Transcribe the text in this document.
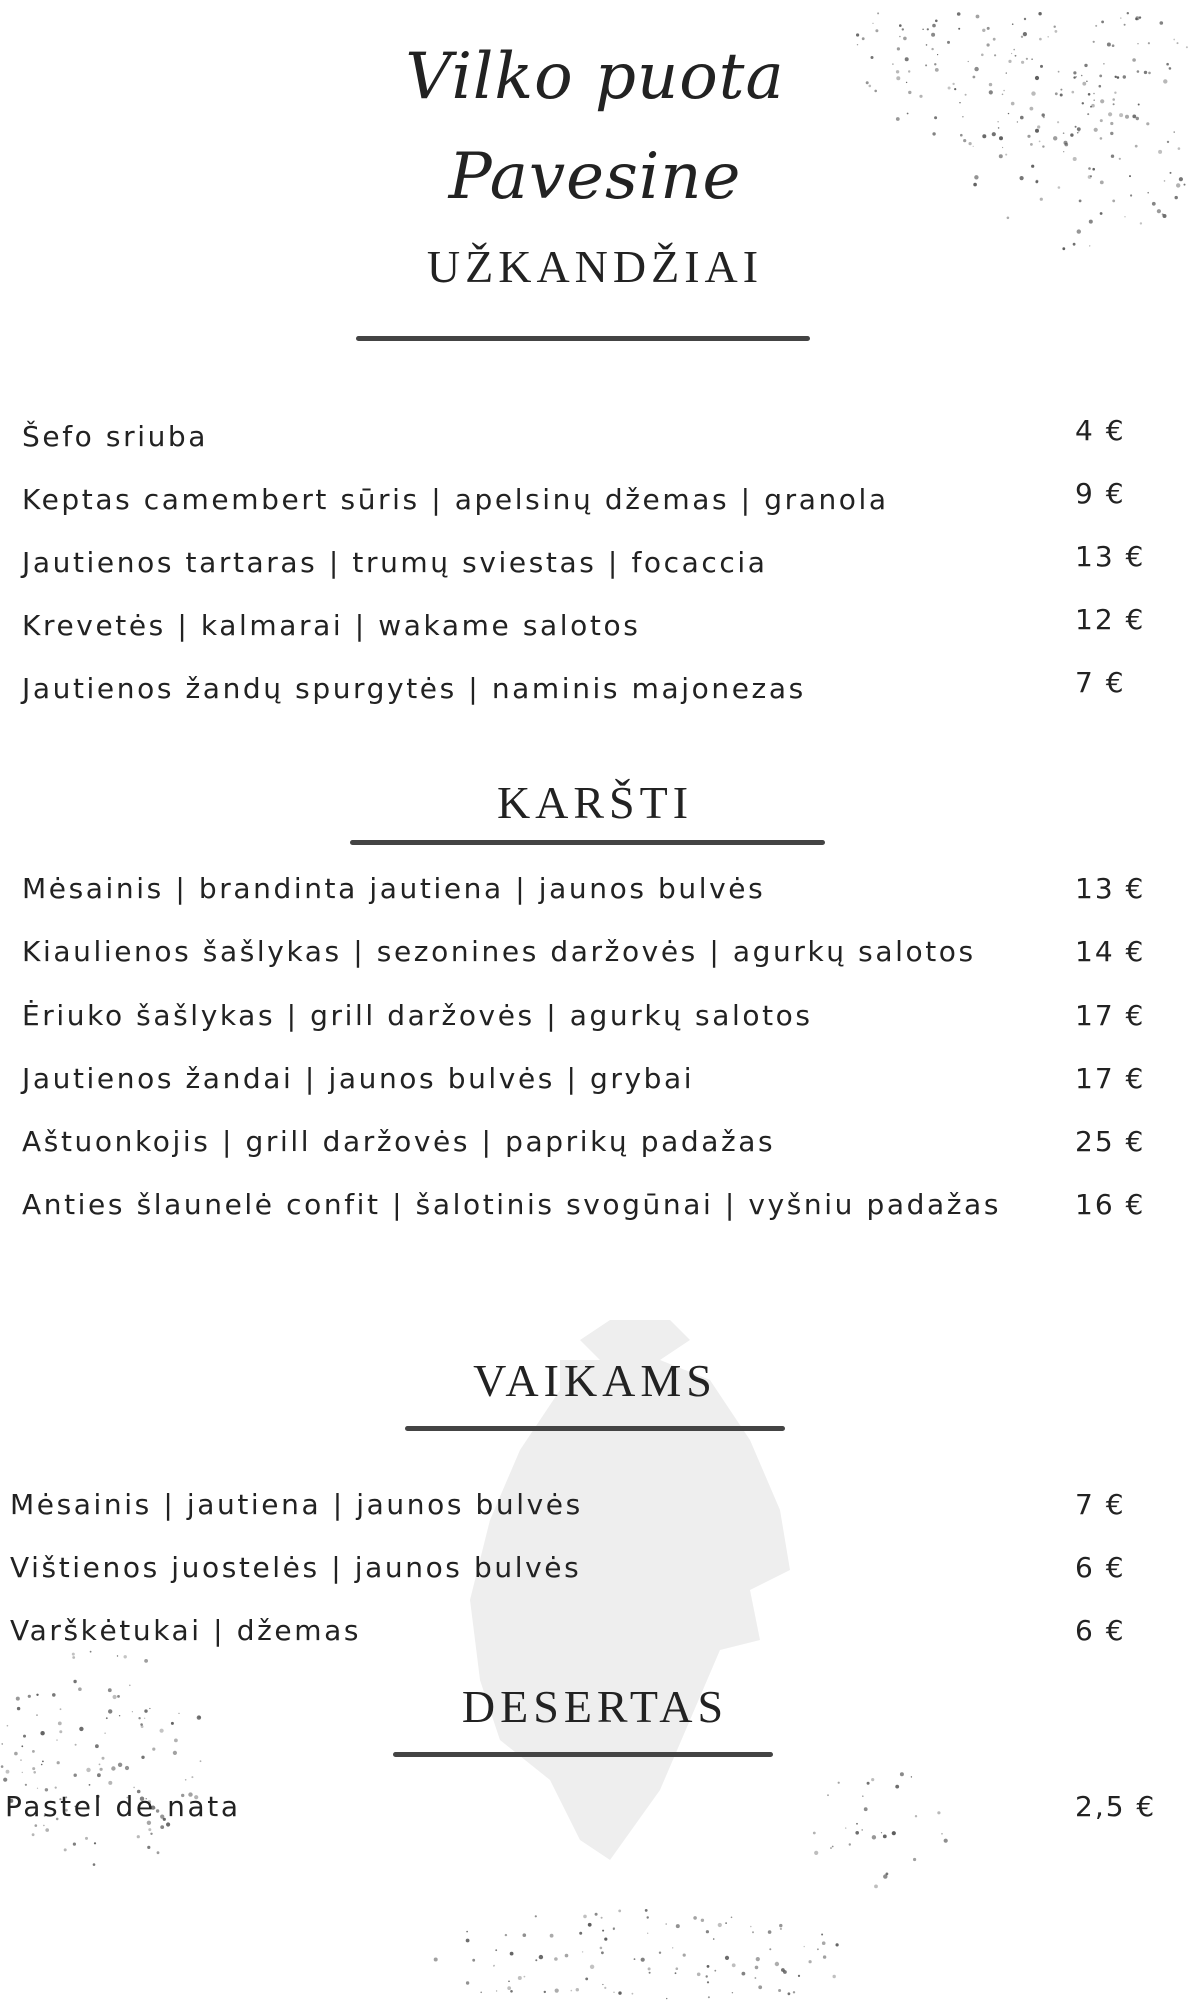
Vilko puota
Pavesine
UŽKANDŽIAI
Šefo sriuba	4 €
Keptas camembert sūris | apelsinų džemas | granola	9 €
Jautienos tartaras | trumų sviestas | focaccia	13 €
Krevetės | kalmarai | wakame salotos	12 €
Jautienos žandų spurgytės | naminis majonezas	7 €
KARŠTI
Mėsainis | brandinta jautiena | jaunos bulvės	13 €
Kiaulienos šašlykas | sezonines daržovės | agurkų salotos	14 €
Ėriuko šašlykas | grill daržovės | agurkų salotos	17 €
Jautienos žandai | jaunos bulvės | grybai	17 €
Aštuonkojis | grill daržovės | paprikų padažas	25 €
Anties šlaunelė confit | šalotinis svogūnai | vyšniu padažas	16 €
VAIKAMS
Mėsainis | jautiena | jaunos bulvės	7 €
Vištienos juostelės | jaunos bulvės	6 €
Varškėtukai | džemas	6 €
DESERTAS
Pastel de nata	2,5 €
